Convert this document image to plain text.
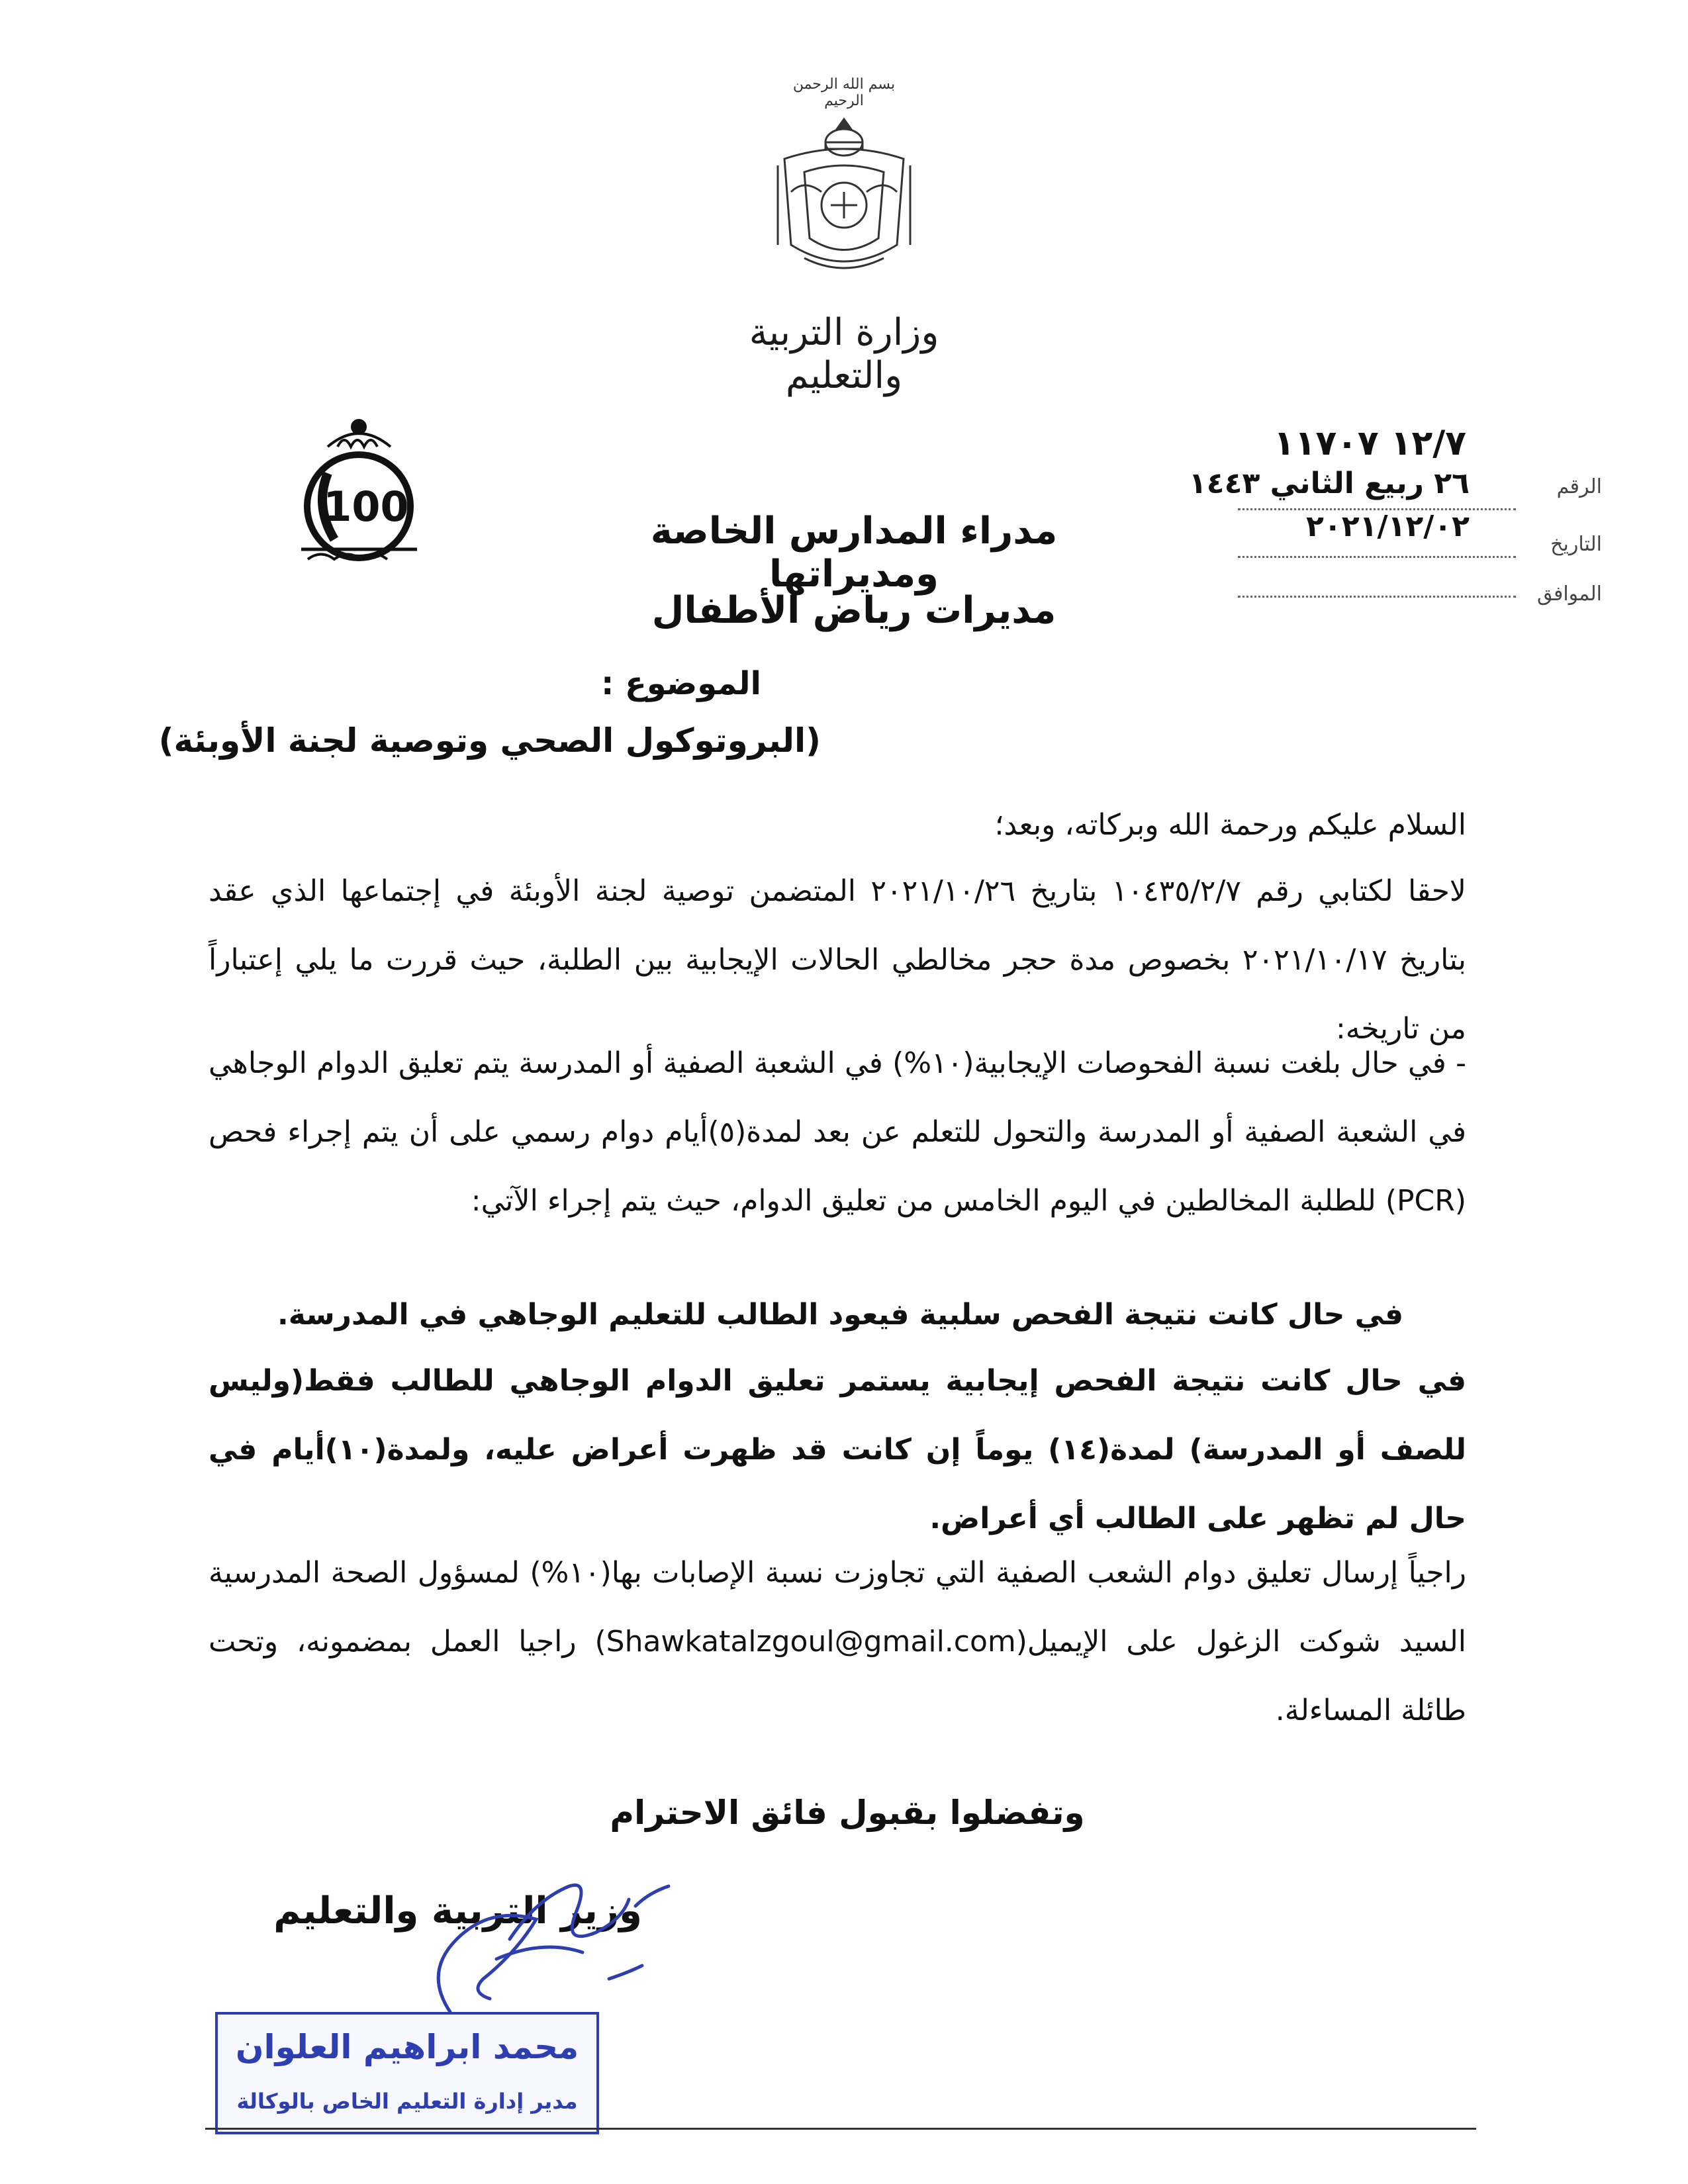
بسم الله الرحمن الرحيم
وزارة التربية والتعليم
100
١٢/٧ ١١٧٠٧
الرقم
٢٦ ربيع الثاني ١٤٤٣
التاريخ
٢٠٢١/١٢/٠٢
الموافق
مدراء المدارس الخاصة ومديراتها
مديرات رياض الأطفال
الموضوع :
(البروتوكول الصحي وتوصية لجنة الأوبئة)
السلام عليكم ورحمة الله وبركاته، وبعد؛
لاحقا لكتابي رقم ١٠٤٣٥/٢/٧ بتاريخ ٢٠٢١/١٠/٢٦ المتضمن توصية لجنة الأوبئة في إجتماعها الذي عقد بتاريخ ٢٠٢١/١٠/١٧ بخصوص مدة حجر مخالطي الحالات الإيجابية بين الطلبة، حيث قررت ما يلي إعتباراً من تاريخه:
- في حال بلغت نسبة الفحوصات الإيجابية(١٠%) في الشعبة الصفية أو المدرسة يتم تعليق الدوام الوجاهي في الشعبة الصفية أو المدرسة والتحول للتعلم عن بعد لمدة(٥)أيام دوام رسمي على أن يتم إجراء فحص (PCR) للطلبة المخالطين في اليوم الخامس من تعليق الدوام، حيث يتم إجراء الآتي:
في حال كانت نتيجة الفحص سلبية فيعود الطالب للتعليم الوجاهي في المدرسة.
في حال كانت نتيجة الفحص إيجابية يستمر تعليق الدوام الوجاهي للطالب فقط(وليس للصف أو المدرسة) لمدة(١٤) يوماً إن كانت قد ظهرت أعراض عليه، ولمدة(١٠)أيام في حال لم تظهر على الطالب أي أعراض.
راجياً إرسال تعليق دوام الشعب الصفية التي تجاوزت نسبة الإصابات بها(١٠%) لمسؤول الصحة المدرسية السيد شوكت الزغول على الإيميل(Shawkatalzgoul@gmail.com) راجيا العمل بمضمونه، وتحت طائلة المساءلة.
وتفضلوا بقبول فائق الاحترام
وزير التربية والتعليم
محمد ابراهيم العلوان
مدير إدارة التعليم الخاص بالوكالة
